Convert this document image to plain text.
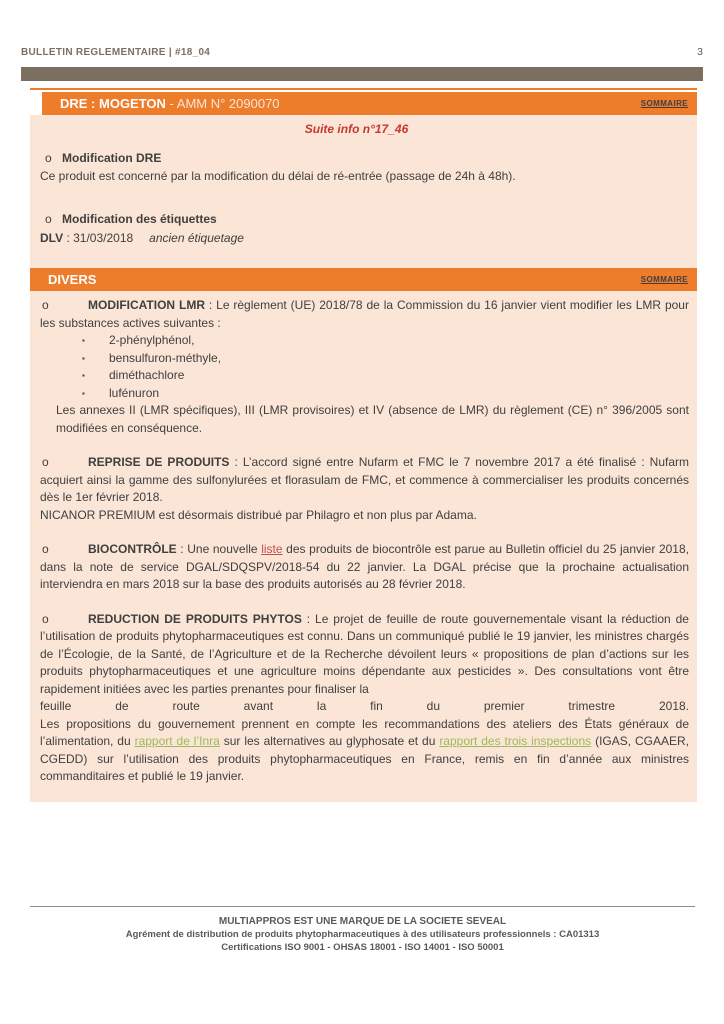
BULLETIN REGLEMENTAIRE | #18_04	3
DRE : MOGETON - AMM N° 2090070	SOMMAIRE
Suite info n°17_46
o Modification DRE
Ce produit est concerné par la modification du délai de ré-entrée (passage de 24h à 48h).
o Modification des étiquettes
DLV : 31/03/2018 ancien étiquetage
DIVERS	SOMMAIRE
o	MODIFICATION LMR : Le règlement (UE) 2018/78 de la Commission du 16 janvier vient modifier les LMR pour les substances actives suivantes :
▪ 2-phénylphénol,
▪ bensulfuron-méthyle,
▪ diméthachlore
▪ lufénuron
Les annexes II (LMR spécifiques), III (LMR provisoires) et IV (absence de LMR) du règlement (CE) n° 396/2005 sont modifiées en conséquence.
o	REPRISE DE PRODUITS : L’accord signé entre Nufarm et FMC le 7 novembre 2017 a été finalisé : Nufarm acquiert ainsi la gamme des sulfonylurées et florasulam de FMC, et commence à commercialiser les produits concernés dès le 1er février 2018.
NICANOR PREMIUM est désormais distribué par Philagro et non plus par Adama.
o	BIOCONTRÔLE : Une nouvelle liste des produits de biocontrôle est parue au Bulletin officiel du 25 janvier 2018, dans la note de service DGAL/SDQSPV/2018-54 du 22 janvier. La DGAL précise que la prochaine actualisation interviendra en mars 2018 sur la base des produits autorisés au 28 février 2018.
o	REDUCTION DE PRODUITS PHYTOS : Le projet de feuille de route gouvernementale visant la réduction de l’utilisation de produits phytopharmaceutiques est connu. Dans un communiqué publié le 19 janvier, les ministres chargés de l’Écologie, de la Santé, de l’Agriculture et de la Recherche dévoilent leurs « propositions de plan d’actions sur les produits phytopharmaceutiques et une agriculture moins dépendante aux pesticides ». Des consultations vont être rapidement initiées avec les parties prenantes pour finaliser la
feuille de route avant la fin du premier trimestre 2018.
Les propositions du gouvernement prennent en compte les recommandations des ateliers des États généraux de l’alimentation, du rapport de l’Inra sur les alternatives au glyphosate et du rapport des trois inspections (IGAS, CGAAER, CGEDD) sur l’utilisation des produits phytopharmaceutiques en France, remis en fin d’année aux ministres commanditaires et publié le 19 janvier.
MULTIAPPROS EST UNE MARQUE DE LA SOCIETE SEVEAL
Agrément de distribution de produits phytopharmaceutiques à des utilisateurs professionnels : CA01313
Certifications ISO 9001 - OHSAS 18001 - ISO 14001 - ISO 50001
